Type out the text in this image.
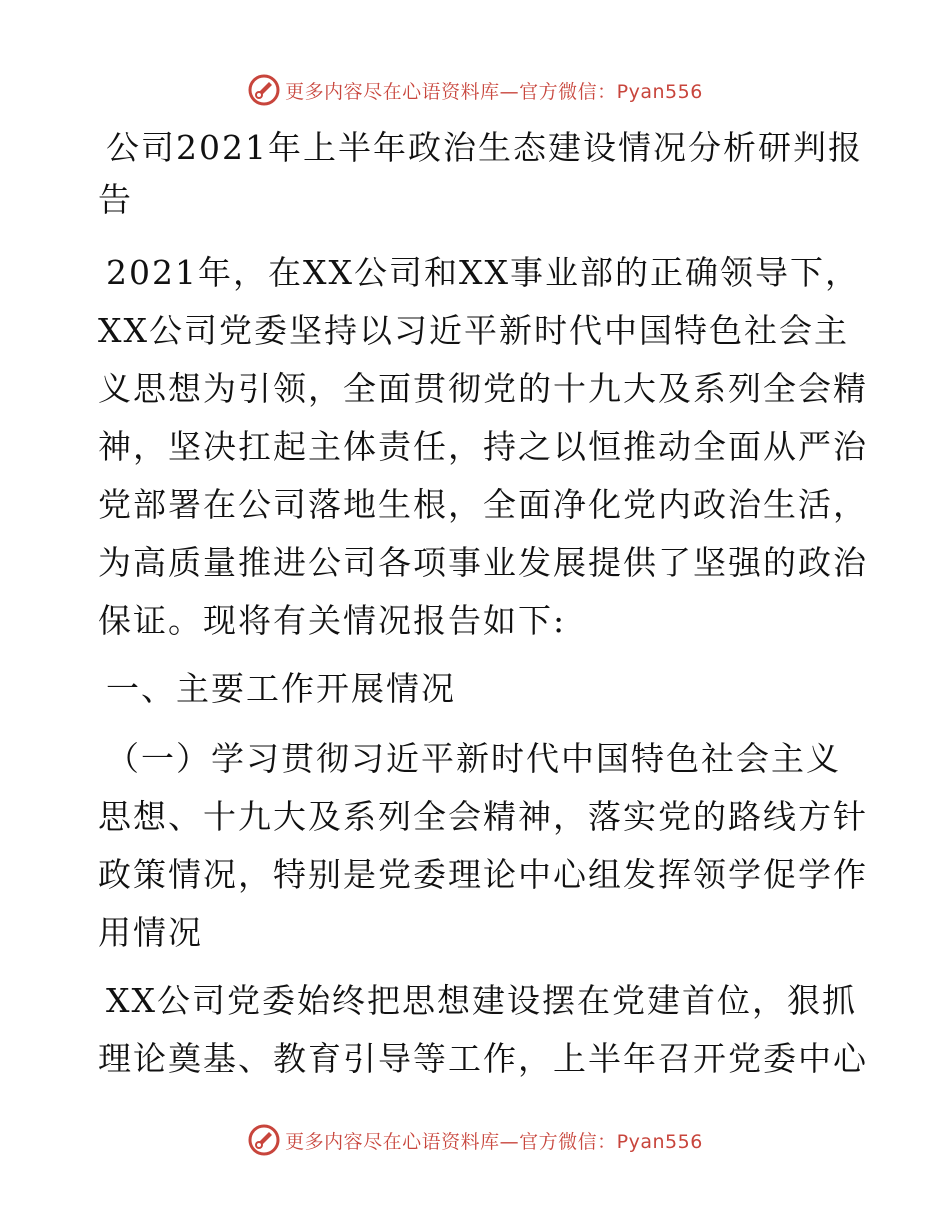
更多内容尽在心语资料库—官方微信：Pyan556
公司2021年上半年政治生态建设情况分析研判报告

2021年，在XX公司和XX事业部的正确领导下，XX公司党委坚持以习近平新时代中国特色社会主义思想为引领，全面贯彻党的十九大及系列全会精神，坚决扛起主体责任，持之以恒推动全面从严治党部署在公司落地生根，全面净化党内政治生活，为高质量推进公司各项事业发展提供了坚强的政治保证。现将有关情况报告如下:

一、主要工作开展情况

（一）学习贯彻习近平新时代中国特色社会主义思想、十九大及系列全会精神，落实党的路线方针政策情况，特别是党委理论中心组发挥领学促学作用情况

XX公司党委始终把思想建设摆在党建首位，狠抓理论奠基、教育引导等工作，上半年召开党委中心

更多内容尽在心语资料库—官方微信：Pyan556
